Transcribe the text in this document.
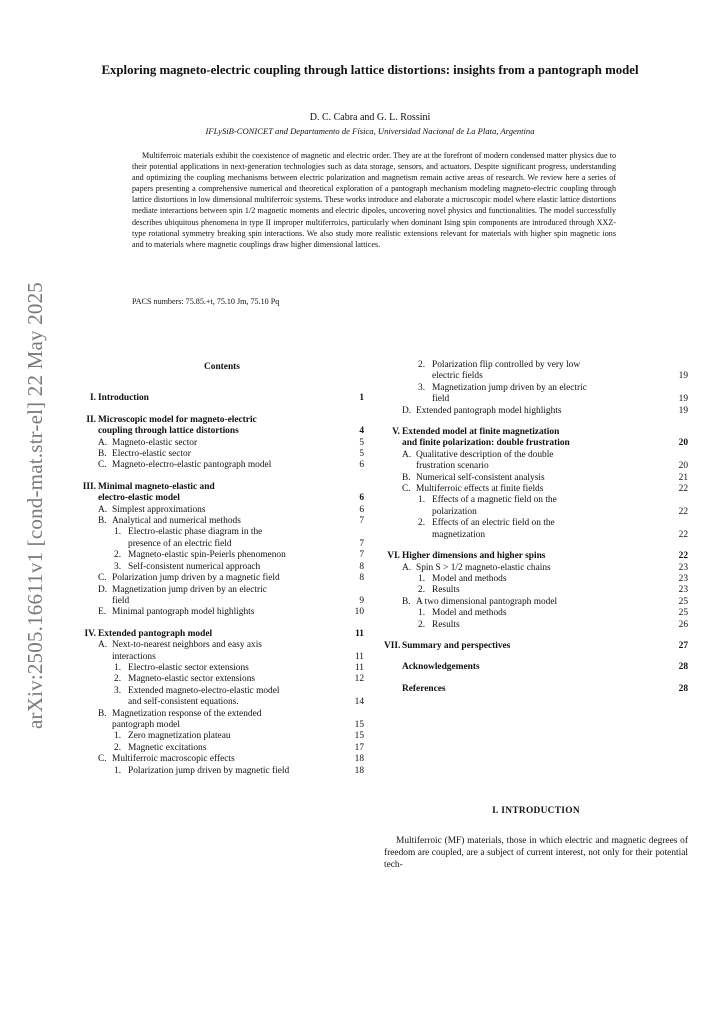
arXiv:2505.16611v1 [cond-mat.str-el] 22 May 2025
Exploring magneto-electric coupling through lattice distortions: insights from a pantograph model
D. C. Cabra and G. L. Rossini
IFLySiB-CONICET and Departamento de Física, Universidad Nacional de La Plata, Argentina

Multiferroic materials exhibit the coexistence of magnetic and electric order. They are at the forefront of modern condensed matter physics due to their potential applications in next-generation technologies such as data storage, sensors, and actuators. Despite significant progress, understanding and optimizing the coupling mechanisms between electric polarization and magnetism remain active areas of research. We review here a series of papers presenting a comprehensive numerical and theoretical exploration of a pantograph mechanism modeling magneto-electric coupling through lattice distortions in low dimensional multiferroic systems. These works introduce and elaborate a microscopic model where elastic lattice distortions mediate interactions between spin 1/2 magnetic moments and electric dipoles, uncovering novel physics and functionalities. The model successfully describes ubiquitous phenomena in type II improper multiferroics, particularly when dominant Ising spin components are introduced through XXZ-type rotational symmetry breaking spin interactions. We also study more realistic extensions relevant for materials with higher spin magnetic ions and to materials where magnetic couplings draw higher dimensional lattices.

PACS numbers: 75.85.+t, 75.10 Jm, 75.10 Pq
Contents
I. Introduction	1
II. Microscopic model for magneto-electric
coupling through lattice distortions	4
A. Magneto-elastic sector	5
B. Electro-elastic sector	5
C. Magneto-electro-elastic pantograph model	6
III. Minimal magneto-elastic and
electro-elastic model	6
A. Simplest approximations	6
B. Analytical and numerical methods	7
1. Electro-elastic phase diagram in the
presence of an electric field	7
2. Magneto-elastic spin-Peierls phenomenon	7
3. Self-consistent numerical approach	8
C. Polarization jump driven by a magnetic field	8
D. Magnetization jump driven by an electric
field	9
E. Minimal pantograph model highlights	10
IV. Extended pantograph model	11
A. Next-to-nearest neighbors and easy axis
interactions	11
1. Electro-elastic sector extensions	11
2. Magneto-elastic sector extensions	12
3. Extended magneto-electro-elastic model
and self-consistent equations.	14
B. Magnetization response of the extended
pantograph model	15
1. Zero magnetization plateau	15
2. Magnetic excitations	17
C. Multiferroic macroscopic effects	18
1. Polarization jump driven by magnetic field	18
2. Polarization flip controlled by very low
electric fields	19
3. Magnetization jump driven by an electric
field	19
D. Extended pantograph model highlights	19
V. Extended model at finite magnetization
and finite polarization: double frustration	20
A. Qualitative description of the double
frustration scenario	20
B. Numerical self-consistent analysis	21
C. Multiferroic effects at finite fields	22
1. Effects of a magnetic field on the
polarization	22
2. Effects of an electric field on the
magnetization	22
VI. Higher dimensions and higher spins	22
A. Spin S > 1/2 magneto-elastic chains	23
1. Model and methods	23
2. Results	23
B. A two dimensional pantograph model	25
1. Model and methods	25
2. Results	26
VII. Summary and perspectives	27
Acknowledgements	28
References	28
I. INTRODUCTION

Multiferroic (MF) materials, those in which electric and magnetic degrees of freedom are coupled, are a subject of current interest, not only for their potential tech-
